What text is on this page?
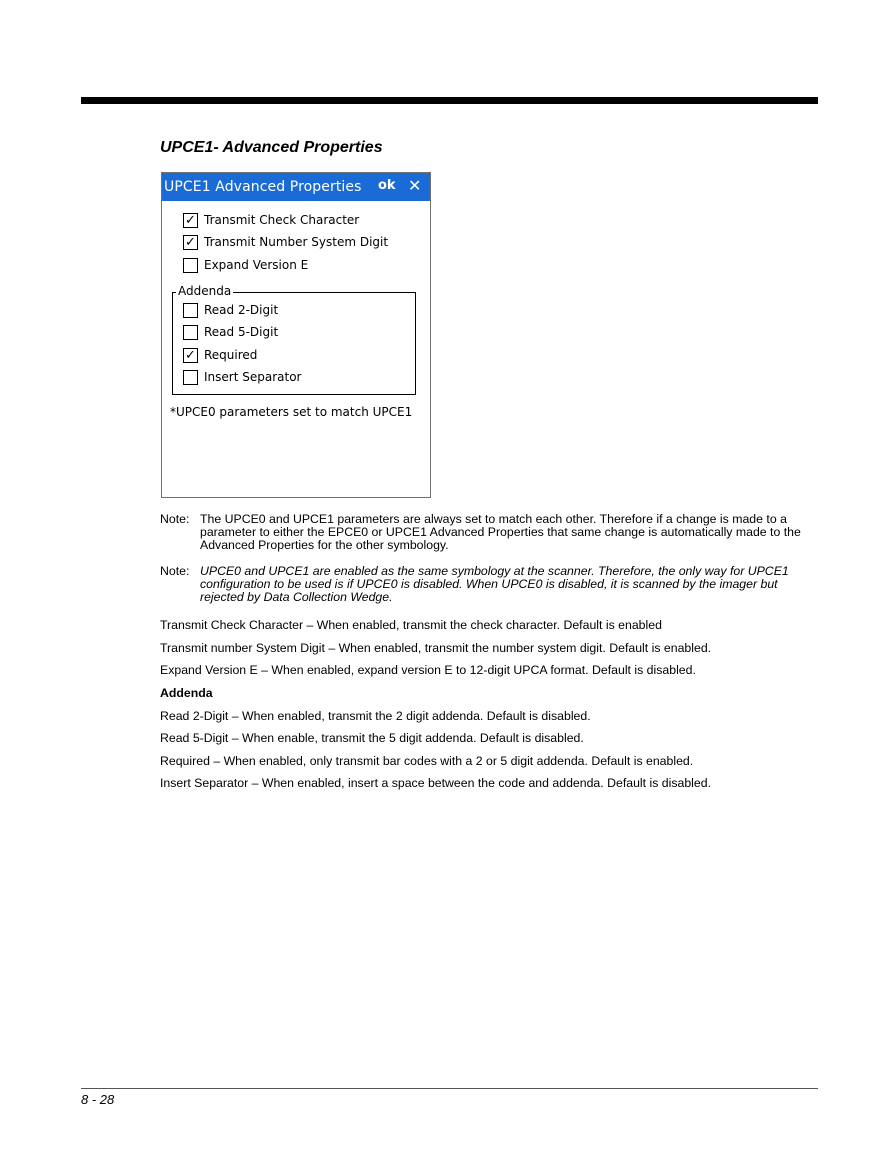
UPCE1- Advanced Properties
UPCE1 Advanced Properties ok ✕
✓ Transmit Check Character
✓ Transmit Number System Digit
Expand Version E
Addenda
Read 2-Digit
Read 5-Digit
✓ Required
Insert Separator
*UPCE0 parameters set to match UPCE1
Note: The UPCE0 and UPCE1 parameters are always set to match each other. Therefore if a change is made to a parameter to either the EPCE0 or UPCE1 Advanced Properties that same change is automatically made to the Advanced Properties for the other symbology.
Note: UPCE0 and UPCE1 are enabled as the same symbology at the scanner. Therefore, the only way for UPCE1 configuration to be used is if UPCE0 is disabled. When UPCE0 is disabled, it is scanned by the imager but rejected by Data Collection Wedge.

Transmit Check Character – When enabled, transmit the check character. Default is enabled

Transmit number System Digit – When enabled, transmit the number system digit. Default is enabled.

Expand Version E – When enabled, expand version E to 12-digit UPCA format. Default is disabled.

Addenda

Read 2-Digit – When enabled, transmit the 2 digit addenda. Default is disabled.

Read 5-Digit – When enable, transmit the 5 digit addenda. Default is disabled.

Required – When enabled, only transmit bar codes with a 2 or 5 digit addenda. Default is enabled.

Insert Separator – When enabled, insert a space between the code and addenda. Default is disabled.

8 - 28
